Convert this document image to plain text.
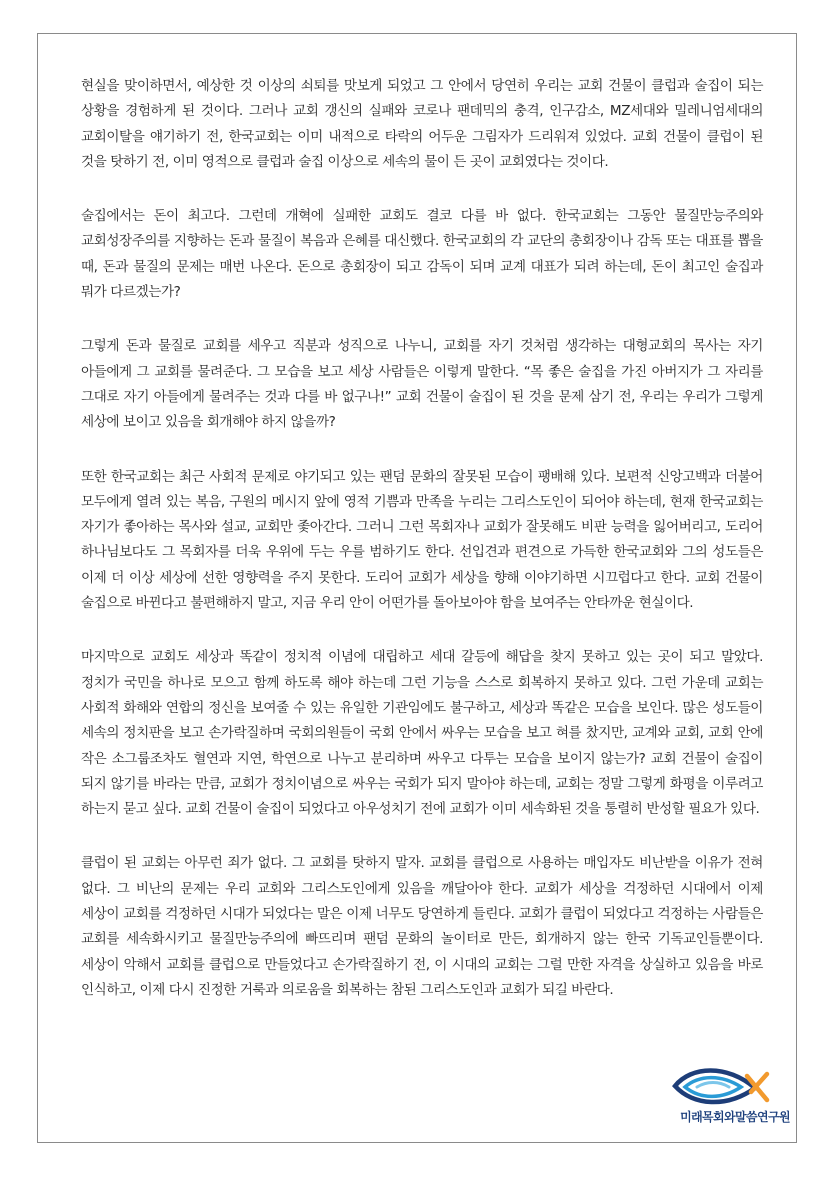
현실을 맞이하면서, 예상한 것 이상의 쇠퇴를 맛보게 되었고 그 안에서 당연히 우리는 교회 건물이 클럽과 술집이 되는 상황을 경험하게 된 것이다. 그러나 교회 갱신의 실패와 코로나 팬데믹의 충격, 인구감소, MZ세대와 밀레니엄세대의 교회이탈을 얘기하기 전, 한국교회는 이미 내적으로 타락의 어두운 그림자가 드리워져 있었다. 교회 건물이 클럽이 된 것을 탓하기 전, 이미 영적으로 클럽과 술집 이상으로 세속의 물이 든 곳이 교회였다는 것이다.

술집에서는 돈이 최고다. 그런데 개혁에 실패한 교회도 결코 다를 바 없다. 한국교회는 그동안 물질만능주의와 교회성장주의를 지향하는 돈과 물질이 복음과 은혜를 대신했다. 한국교회의 각 교단의 총회장이나 감독 또는 대표를 뽑을 때, 돈과 물질의 문제는 매번 나온다. 돈으로 총회장이 되고 감독이 되며 교계 대표가 되려 하는데, 돈이 최고인 술집과 뭐가 다르겠는가?

그렇게 돈과 물질로 교회를 세우고 직분과 성직으로 나누니, 교회를 자기 것처럼 생각하는 대형교회의 목사는 자기 아들에게 그 교회를 물려준다. 그 모습을 보고 세상 사람들은 이렇게 말한다. “목 좋은 술집을 가진 아버지가 그 자리를 그대로 자기 아들에게 물려주는 것과 다를 바 없구나!” 교회 건물이 술집이 된 것을 문제 삼기 전, 우리는 우리가 그렇게 세상에 보이고 있음을 회개해야 하지 않을까?

또한 한국교회는 최근 사회적 문제로 야기되고 있는 팬덤 문화의 잘못된 모습이 팽배해 있다. 보편적 신앙고백과 더불어 모두에게 열려 있는 복음, 구원의 메시지 앞에 영적 기쁨과 만족을 누리는 그리스도인이 되어야 하는데, 현재 한국교회는 자기가 좋아하는 목사와 설교, 교회만 좇아간다. 그러니 그런 목회자나 교회가 잘못해도 비판 능력을 잃어버리고, 도리어 하나님보다도 그 목회자를 더욱 우위에 두는 우를 범하기도 한다. 선입견과 편견으로 가득한 한국교회와 그의 성도들은 이제 더 이상 세상에 선한 영향력을 주지 못한다. 도리어 교회가 세상을 향해 이야기하면 시끄럽다고 한다. 교회 건물이 술집으로 바뀐다고 불편해하지 말고, 지금 우리 안이 어떤가를 돌아보아야 함을 보여주는 안타까운 현실이다.

마지막으로 교회도 세상과 똑같이 정치적 이념에 대립하고 세대 갈등에 해답을 찾지 못하고 있는 곳이 되고 말았다. 정치가 국민을 하나로 모으고 함께 하도록 해야 하는데 그런 기능을 스스로 회복하지 못하고 있다. 그런 가운데 교회는 사회적 화해와 연합의 정신을 보여줄 수 있는 유일한 기관임에도 불구하고, 세상과 똑같은 모습을 보인다. 많은 성도들이 세속의 정치판을 보고 손가락질하며 국회의원들이 국회 안에서 싸우는 모습을 보고 혀를 찼지만, 교계와 교회, 교회 안에 작은 소그룹조차도 혈연과 지연, 학연으로 나누고 분리하며 싸우고 다투는 모습을 보이지 않는가? 교회 건물이 술집이 되지 않기를 바라는 만큼, 교회가 정치이념으로 싸우는 국회가 되지 말아야 하는데, 교회는 정말 그렇게 화평을 이루려고 하는지 묻고 싶다. 교회 건물이 술집이 되었다고 아우성치기 전에 교회가 이미 세속화된 것을 통렬히 반성할 필요가 있다.

클럽이 된 교회는 아무런 죄가 없다. 그 교회를 탓하지 말자. 교회를 클럽으로 사용하는 매입자도 비난받을 이유가 전혀 없다. 그 비난의 문제는 우리 교회와 그리스도인에게 있음을 깨달아야 한다. 교회가 세상을 걱정하던 시대에서 이제 세상이 교회를 걱정하던 시대가 되었다는 말은 이제 너무도 당연하게 들린다. 교회가 클럽이 되었다고 걱정하는 사람들은 교회를 세속화시키고 물질만능주의에 빠뜨리며 팬덤 문화의 놀이터로 만든, 회개하지 않는 한국 기독교인들뿐이다. 세상이 악해서 교회를 클럽으로 만들었다고 손가락질하기 전, 이 시대의 교회는 그럴 만한 자격을 상실하고 있음을 바로 인식하고, 이제 다시 진정한 거룩과 의로움을 회복하는 참된 그리스도인과 교회가 되길 바란다.

미래목회와말씀연구원
